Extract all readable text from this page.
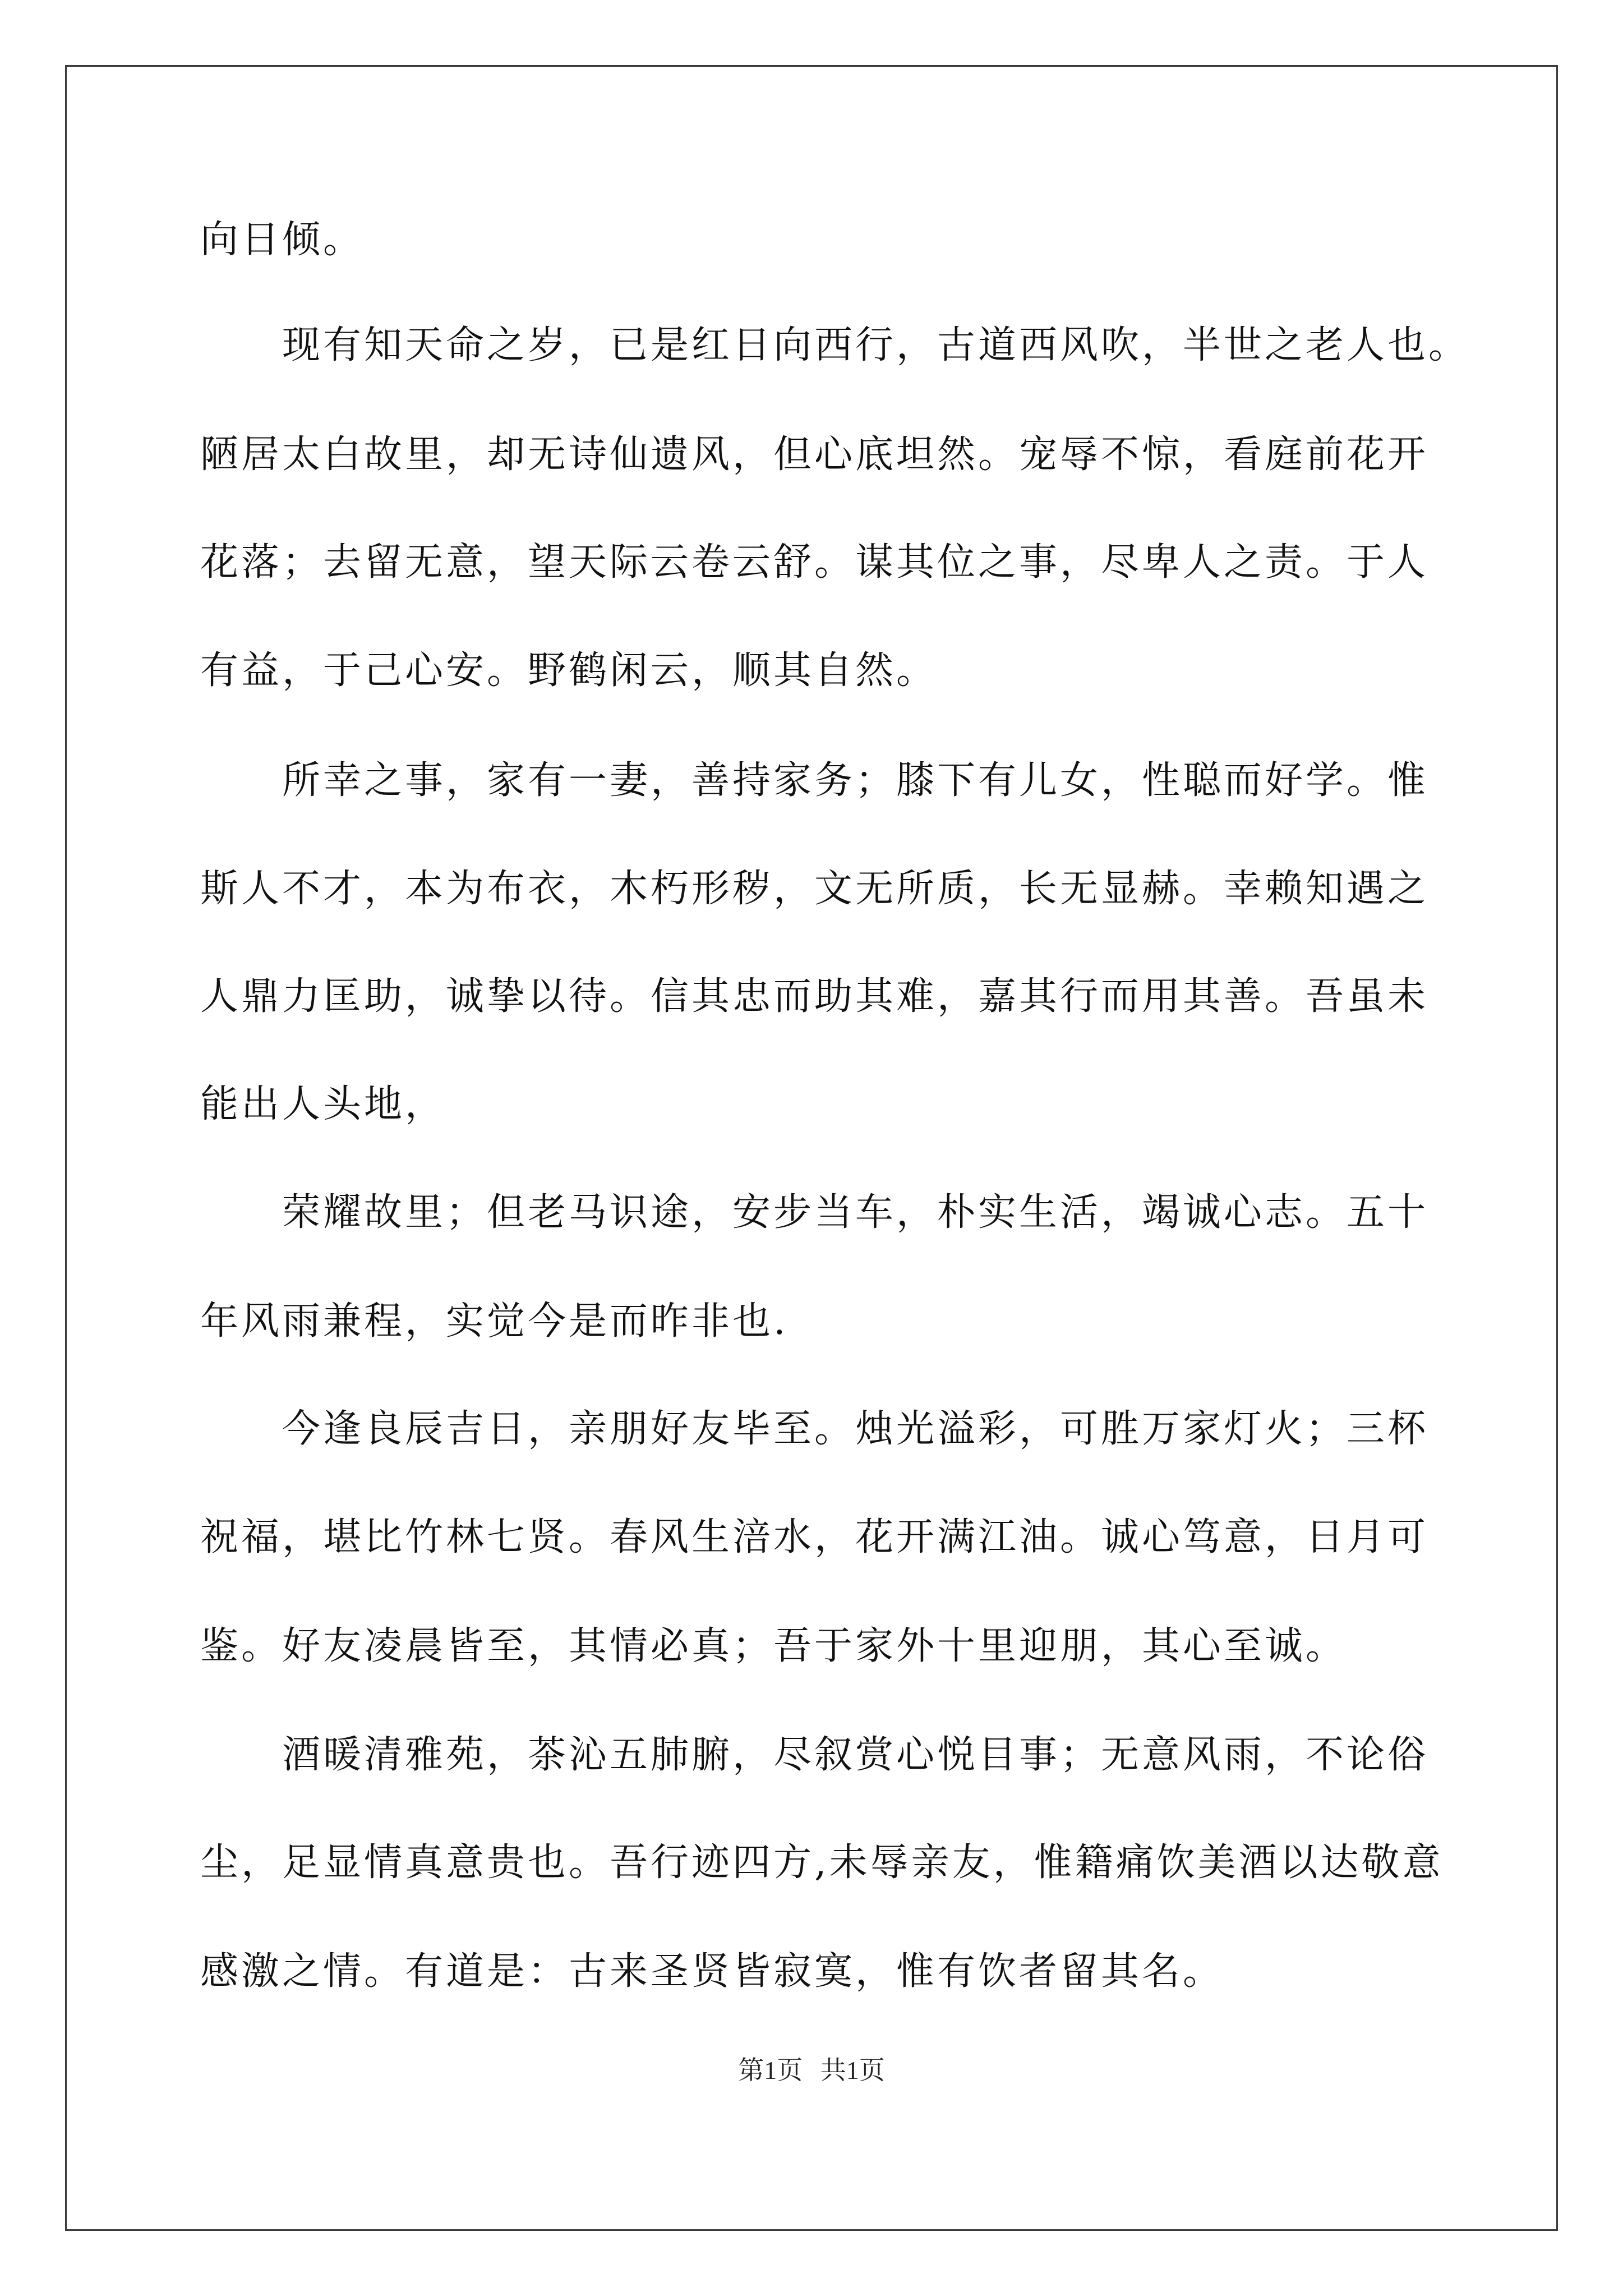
向日倾。
现有知天命之岁，已是红日向西行，古道西风吹，半世之老人也。
陋居太白故里，却无诗仙遗风，但心底坦然。宠辱不惊，看庭前花开
花落；去留无意，望天际云卷云舒。谋其位之事，尽卑人之责。于人
有益，于己心安。野鹤闲云，顺其自然。
所幸之事，家有一妻，善持家务；膝下有儿女，性聪而好学。惟
斯人不才，本为布衣，木朽形秽，文无所质，长无显赫。幸赖知遇之
人鼎力匡助，诚挚以待。信其忠而助其难，嘉其行而用其善。吾虽未
能出人头地，
荣耀故里；但老马识途，安步当车，朴实生活，竭诚心志。五十
年风雨兼程，实觉今是而昨非也.
今逢良辰吉日，亲朋好友毕至。烛光溢彩，可胜万家灯火；三杯
祝福，堪比竹林七贤。春风生涪水，花开满江油。诚心笃意，日月可
鉴。好友凌晨皆至，其情必真；吾于家外十里迎朋，其心至诚。
酒暖清雅苑，茶沁五肺腑，尽叙赏心悦目事；无意风雨，不论俗
尘，足显情真意贵也。吾行迹四方,未辱亲友，惟籍痛饮美酒以达敬意
感激之情。有道是：古来圣贤皆寂寞，惟有饮者留其名。
第1页 共1页
